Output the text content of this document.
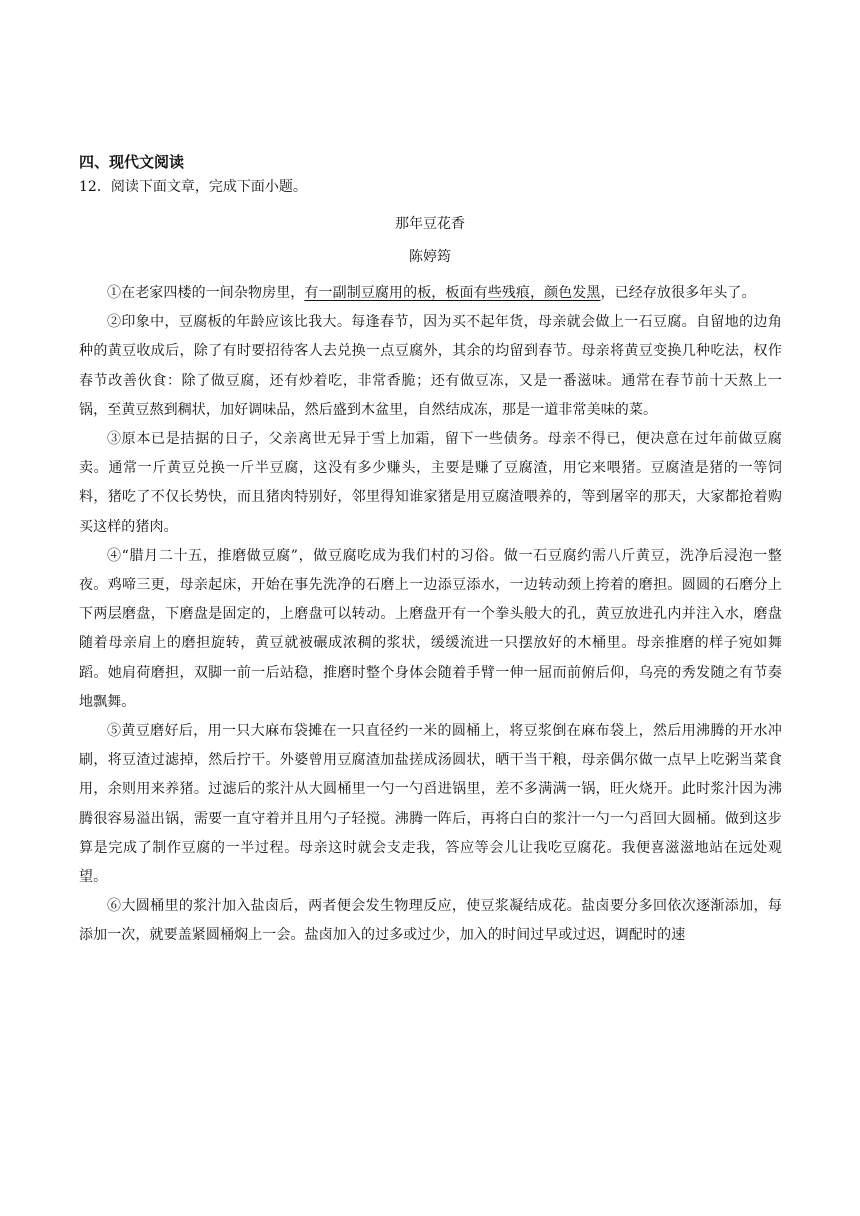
四、现代文阅读
12．阅读下面文章，完成下面小题。
那年豆花香
陈婷筠

①在老家四楼的一间杂物房里，有一副制豆腐用的板，板面有些残痕，颜色发黑，已经存放很多年头了。

②印象中，豆腐板的年龄应该比我大。每逢春节，因为买不起年货，母亲就会做上一石豆腐。自留地的边角种的黄豆收成后，除了有时要招待客人去兑换一点豆腐外，其余的均留到春节。母亲将黄豆变换几种吃法，权作春节改善伙食：除了做豆腐，还有炒着吃，非常香脆；还有做豆冻，又是一番滋味。通常在春节前十天熬上一锅，至黄豆熬到稠状，加好调味品，然后盛到木盆里，自然结成冻，那是一道非常美味的菜。

③原本已是拮据的日子，父亲离世无异于雪上加霜，留下一些债务。母亲不得已，便决意在过年前做豆腐卖。通常一斤黄豆兑换一斤半豆腐，这没有多少赚头，主要是赚了豆腐渣，用它来喂猪。豆腐渣是猪的一等饲料，猪吃了不仅长势快，而且猪肉特别好，邻里得知谁家猪是用豆腐渣喂养的，等到屠宰的那天，大家都抢着购买这样的猪肉。

④“腊月二十五，推磨做豆腐”，做豆腐吃成为我们村的习俗。做一石豆腐约需八斤黄豆，洗净后浸泡一整夜。鸡啼三更，母亲起床，开始在事先洗净的石磨上一边添豆添水，一边转动颈上挎着的磨担。圆圆的石磨分上下两层磨盘，下磨盘是固定的，上磨盘可以转动。上磨盘开有一个拳头般大的孔，黄豆放进孔内并注入水，磨盘随着母亲肩上的磨担旋转，黄豆就被碾成浓稠的浆状，缓缓流进一只摆放好的木桶里。母亲推磨的样子宛如舞蹈。她肩荷磨担，双脚一前一后站稳，推磨时整个身体会随着手臂一伸一屈而前俯后仰，乌亮的秀发随之有节奏地飘舞。

⑤黄豆磨好后，用一只大麻布袋摊在一只直径约一米的圆桶上，将豆浆倒在麻布袋上，然后用沸腾的开水冲刷，将豆渣过滤掉，然后拧干。外婆曾用豆腐渣加盐搓成汤圆状，晒干当干粮，母亲偶尔做一点早上吃粥当菜食用，余则用来养猪。过滤后的浆汁从大圆桶里一勺一勺舀进锅里，差不多满满一锅，旺火烧开。此时浆汁因为沸腾很容易溢出锅，需要一直守着并且用勺子轻搅。沸腾一阵后，再将白白的浆汁一勺一勺舀回大圆桶。做到这步算是完成了制作豆腐的一半过程。母亲这时就会支走我，答应等会儿让我吃豆腐花。我便喜滋滋地站在远处观望。

⑥大圆桶里的浆汁加入盐卤后，两者便会发生物理反应，使豆浆凝结成花。盐卤要分多回依次逐渐添加，每添加一次，就要盖紧圆桶焖上一会。盐卤加入的过多或过少，加入的时间过早或过迟，调配时的速
